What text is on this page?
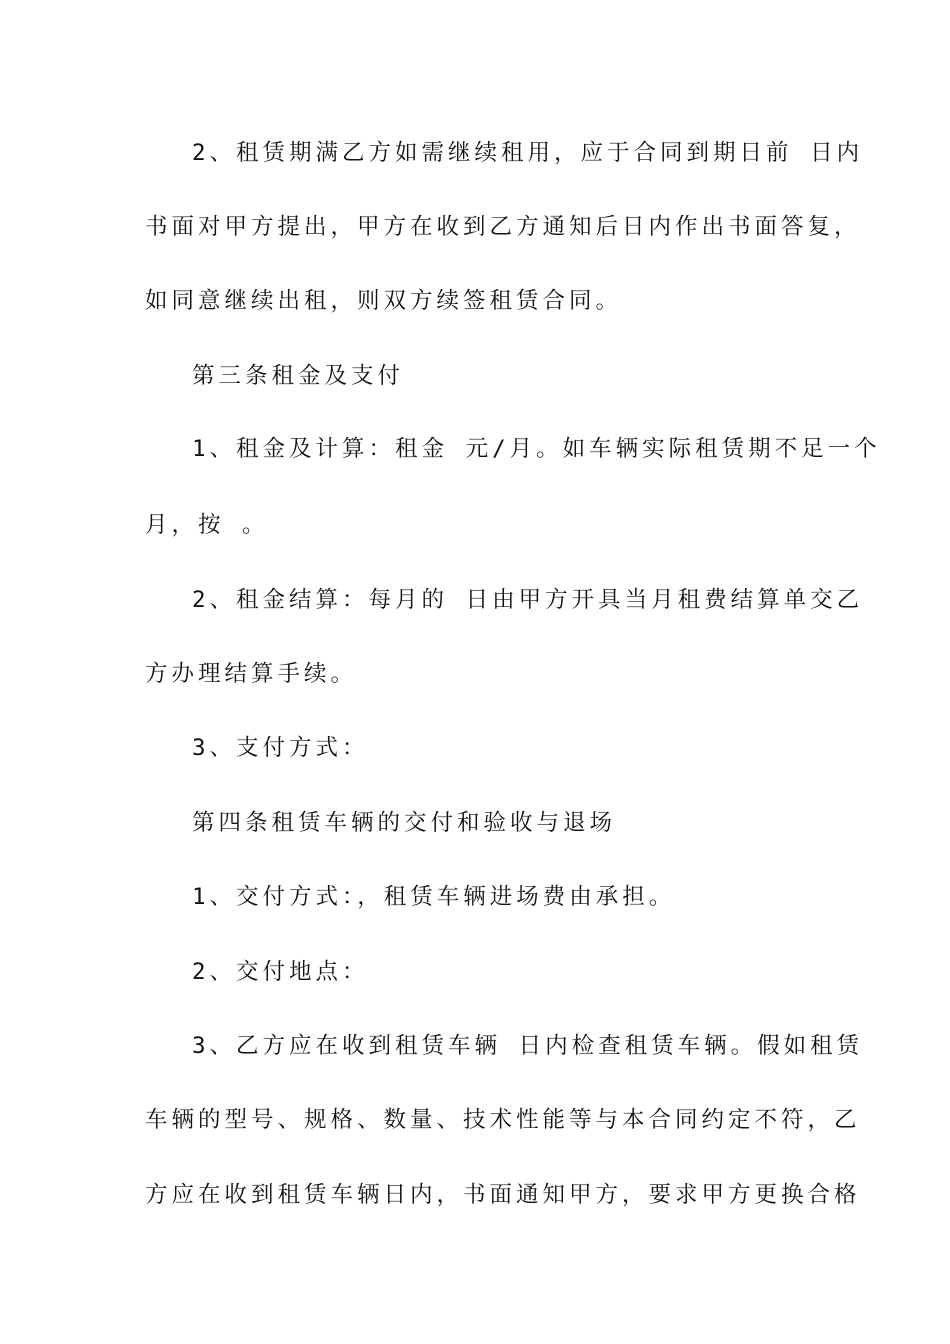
2、租赁期满乙方如需继续租用，应于合同到期日前 日内
书面对甲方提出，甲方在收到乙方通知后日内作出书面答复，
如同意继续出租，则双方续签租赁合同。
第三条租金及支付
1、租金及计算：租金 元/月。如车辆实际租赁期不足一个
月，按 。
2、租金结算：每月的 日由甲方开具当月租费结算单交乙
方办理结算手续。
3、支付方式：
第四条租赁车辆的交付和验收与退场
1、交付方式：，租赁车辆进场费由承担。
2、交付地点：
3、乙方应在收到租赁车辆 日内检查租赁车辆。假如租赁
车辆的型号、规格、数量、技术性能等与本合同约定不符，乙
方应在收到租赁车辆日内，书面通知甲方，要求甲方更换合格
